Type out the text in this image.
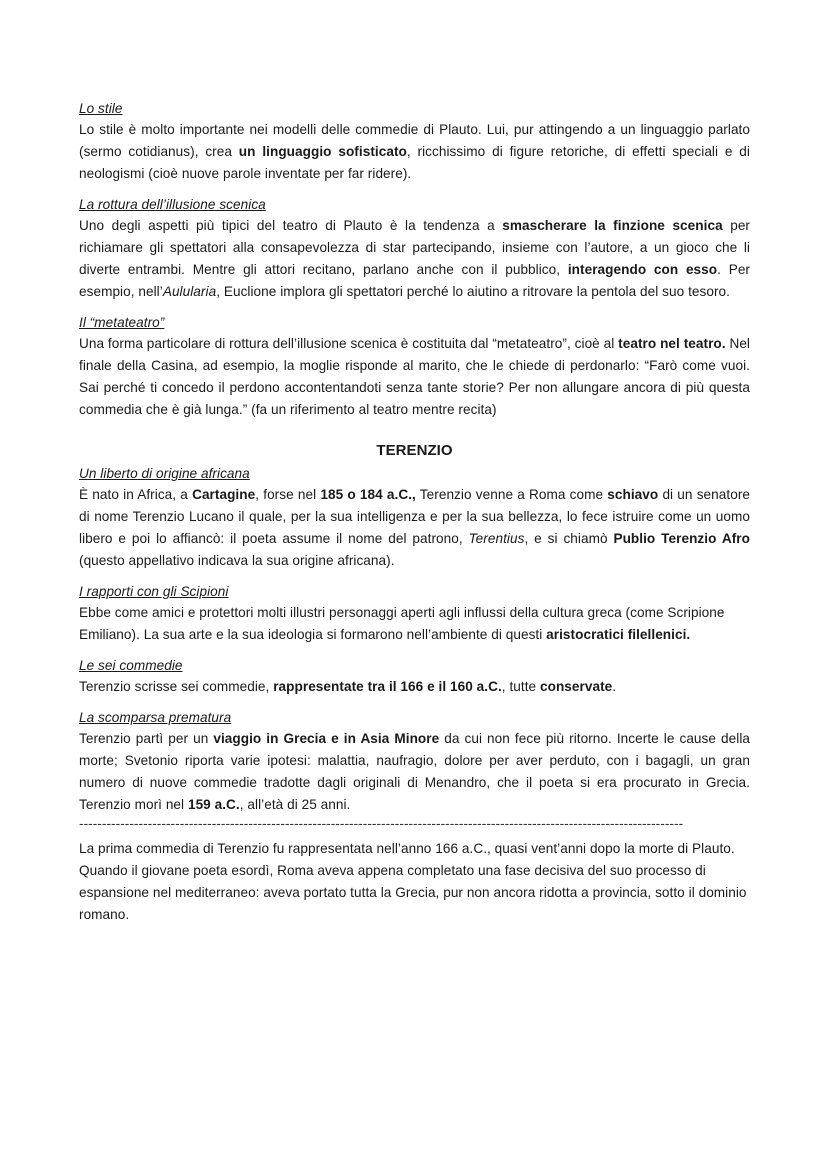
Lo stile

Lo stile è molto importante nei modelli delle commedie di Plauto. Lui, pur attingendo a un linguaggio parlato (sermo cotidianus), crea un linguaggio sofisticato, ricchissimo di figure retoriche, di effetti speciali e di neologismi (cioè nuove parole inventate per far ridere).

La rottura dell’illusione scenica

Uno degli aspetti più tipici del teatro di Plauto è la tendenza a smascherare la finzione scenica per richiamare gli spettatori alla consapevolezza di star partecipando, insieme con l’autore, a un gioco che li diverte entrambi. Mentre gli attori recitano, parlano anche con il pubblico, interagendo con esso. Per esempio, nell’Aulularia, Euclione implora gli spettatori perché lo aiutino a ritrovare la pentola del suo tesoro.

Il “metateatro”

Una forma particolare di rottura dell’illusione scenica è costituita dal “metateatro”, cioè al teatro nel teatro. Nel finale della Casina, ad esempio, la moglie risponde al marito, che le chiede di perdonarlo: “Farò come vuoi. Sai perché ti concedo il perdono accontentandoti senza tante storie? Per non allungare ancora di più questa commedia che è già lunga.” (fa un riferimento al teatro mentre recita)

TERENZIO
Un liberto di origine africana

È nato in Africa, a Cartagine, forse nel 185 o 184 a.C., Terenzio venne a Roma come schiavo di un senatore di nome Terenzio Lucano il quale, per la sua intelligenza e per la sua bellezza, lo fece istruire come un uomo libero e poi lo affiancò: il poeta assume il nome del patrono, Terentius, e si chiamò Publio Terenzio Afro (questo appellativo indicava la sua origine africana).

I rapporti con gli Scipioni

Ebbe come amici e protettori molti illustri personaggi aperti agli influssi della cultura greca (come Scripione Emiliano). La sua arte e la sua ideologia si formarono nell’ambiente di questi aristocratici filellenici.

Le sei commedie

Terenzio scrisse sei commedie, rappresentate tra il 166 e il 160 a.C., tutte conservate.

La scomparsa prematura

Terenzio partì per un viaggio in Grecia e in Asia Minore da cui non fece più ritorno. Incerte le cause della morte; Svetonio riporta varie ipotesi: malattia, naufragio, dolore per aver perduto, con i bagagli, un gran numero di nuove commedie tradotte dagli originali di Menandro, che il poeta si era procurato in Grecia. Terenzio morì nel 159 a.C., all’età di 25 anni.

------------------------------------------------------------------------------------------------------------------------------------

La prima commedia di Terenzio fu rappresentata nell’anno 166 a.C., quasi vent’anni dopo la morte di Plauto. Quando il giovane poeta esordì, Roma aveva appena completato una fase decisiva del suo processo di espansione nel mediterraneo: aveva portato tutta la Grecia, pur non ancora ridotta a provincia, sotto il dominio romano.
